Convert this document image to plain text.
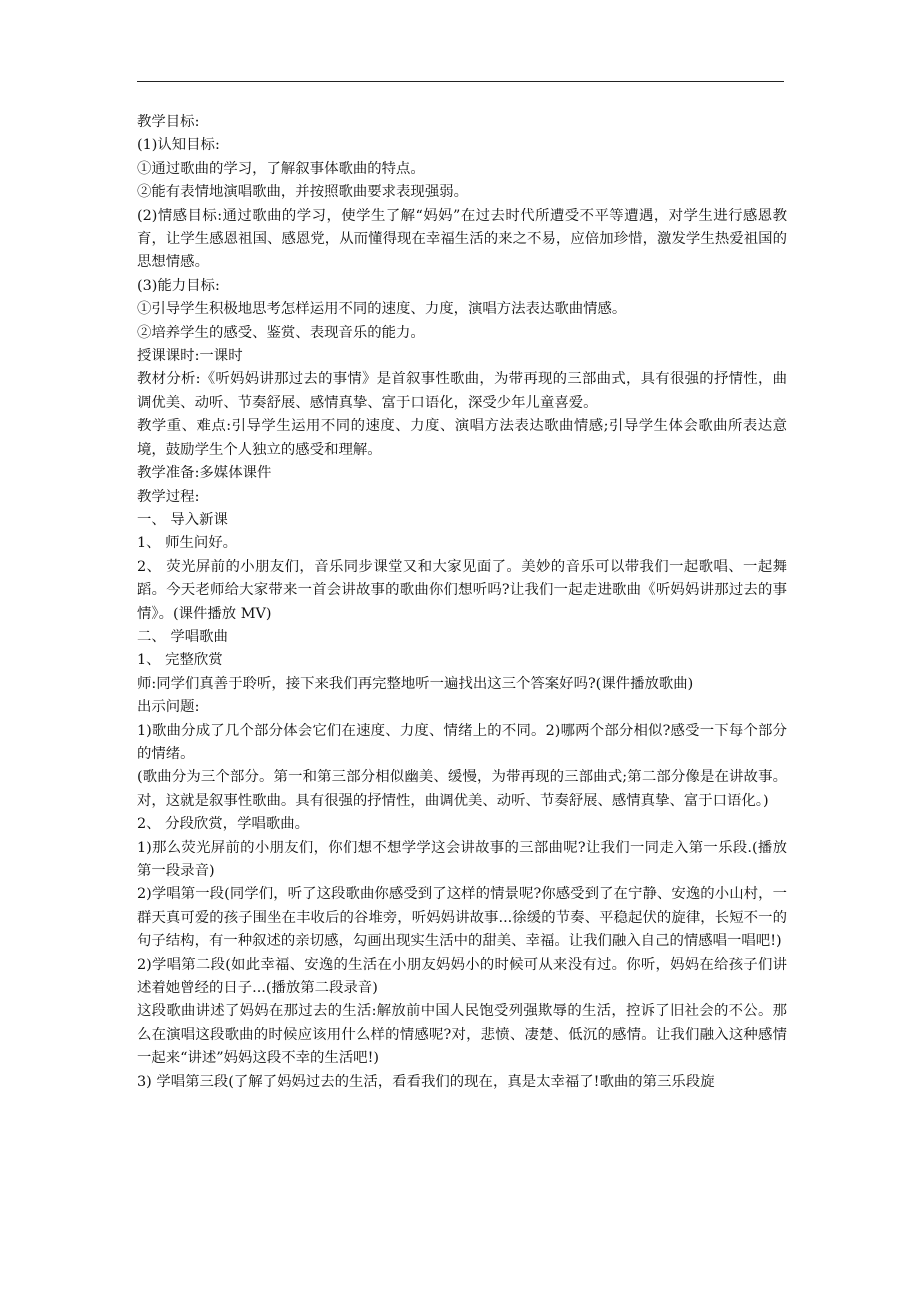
教学目标:

(1)认知目标:

①通过歌曲的学习，了解叙事体歌曲的特点。

②能有表情地演唱歌曲，并按照歌曲要求表现强弱。

(2)情感目标:通过歌曲的学习，使学生了解“妈妈”在过去时代所遭受不平等遭遇，对学生进行感恩教育，让学生感恩祖国、感恩党，从而懂得现在幸福生活的来之不易，应倍加珍惜，激发学生热爱祖国的思想情感。

(3)能力目标:

①引导学生积极地思考怎样运用不同的速度、力度，演唱方法表达歌曲情感。

②培养学生的感受、鉴赏、表现音乐的能力。

授课课时:一课时

教材分析:《听妈妈讲那过去的事情》是首叙事性歌曲，为带再现的三部曲式，具有很强的抒情性，曲调优美、动听、节奏舒展、感情真挚、富于口语化，深受少年儿童喜爱。

教学重、难点:引导学生运用不同的速度、力度、演唱方法表达歌曲情感;引导学生体会歌曲所表达意境，鼓励学生个人独立的感受和理解。

教学准备:多媒体课件

教学过程:

一、 导入新课

1、 师生问好。

2、 荧光屏前的小朋友们，音乐同步课堂又和大家见面了。美妙的音乐可以带我们一起歌唱、一起舞蹈。今天老师给大家带来一首会讲故事的歌曲你们想听吗?让我们一起走进歌曲《听妈妈讲那过去的事情》。(课件播放 MV)

二、 学唱歌曲

1、 完整欣赏

师:同学们真善于聆听，接下来我们再完整地听一遍找出这三个答案好吗?(课件播放歌曲)

出示问题:

1)歌曲分成了几个部分体会它们在速度、力度、情绪上的不同。2)哪两个部分相似?感受一下每个部分的情绪。

(歌曲分为三个部分。第一和第三部分相似幽美、缓慢，为带再现的三部曲式;第二部分像是在讲故事。对，这就是叙事性歌曲。具有很强的抒情性，曲调优美、动听、节奏舒展、感情真挚、富于口语化。)

2、 分段欣赏，学唱歌曲。

1)那么荧光屏前的小朋友们，你们想不想学学这会讲故事的三部曲呢?让我们一同走入第一乐段.(播放第一段录音)

2)学唱第一段(同学们，听了这段歌曲你感受到了这样的情景呢?你感受到了在宁静、安逸的小山村，一群天真可爱的孩子围坐在丰收后的谷堆旁，听妈妈讲故事...徐缓的节奏、平稳起伏的旋律，长短不一的句子结构，有一种叙述的亲切感，勾画出现实生活中的甜美、幸福。让我们融入自己的情感唱一唱吧!)

2)学唱第二段(如此幸福、安逸的生活在小朋友妈妈小的时候可从来没有过。你听，妈妈在给孩子们讲述着她曾经的日子...(播放第二段录音)

这段歌曲讲述了妈妈在那过去的生活:解放前中国人民饱受列强欺辱的生活，控诉了旧社会的不公。那么在演唱这段歌曲的时候应该用什么样的情感呢?对，悲愤、凄楚、低沉的感情。让我们融入这种感情一起来“讲述”妈妈这段不幸的生活吧!)

3) 学唱第三段(了解了妈妈过去的生活，看看我们的现在，真是太幸福了!歌曲的第三乐段旋
